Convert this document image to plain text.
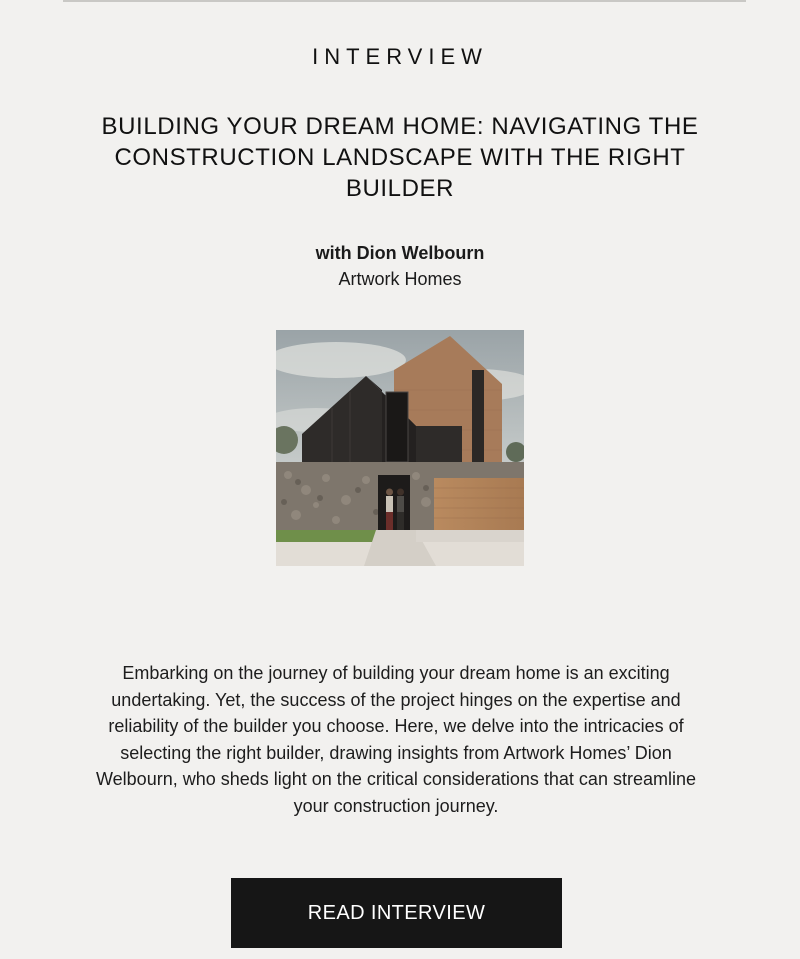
INTERVIEW
BUILDING YOUR DREAM HOME: NAVIGATING THE CONSTRUCTION LANDSCAPE WITH THE RIGHT BUILDER
with Dion Welbourn
Artwork Homes
Embarking on the journey of building your dream home is an exciting undertaking. Yet, the success of the project hinges on the expertise and reliability of the builder you choose. Here, we delve into the intricacies of selecting the right builder, drawing insights from Artwork Homes’ Dion Welbourn, who sheds light on the critical considerations that can streamline your construction journey.
READ INTERVIEW
